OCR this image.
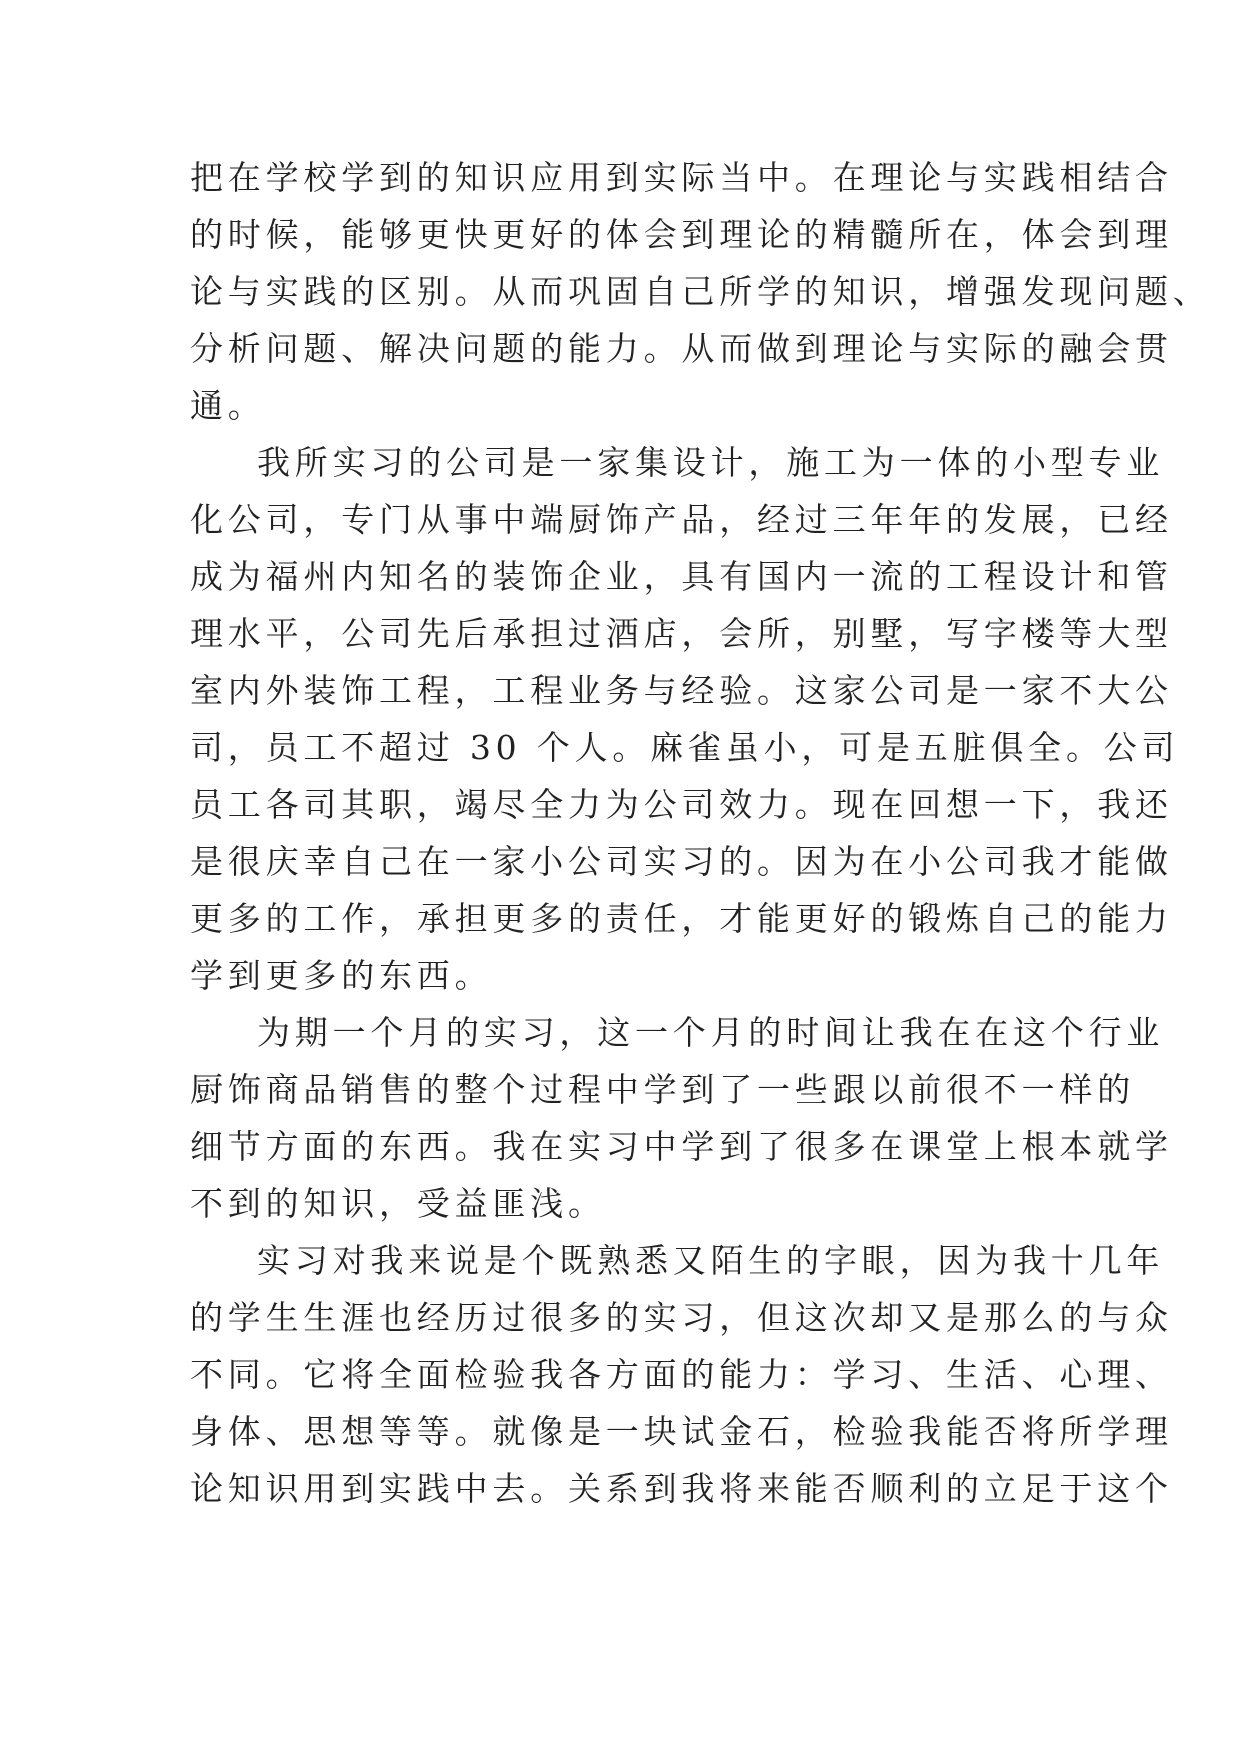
把在学校学到的知识应用到实际当中。在理论与实践相结合
的时候，能够更快更好的体会到理论的精髓所在，体会到理
论与实践的区别。从而巩固自己所学的知识，增强发现问题、
分析问题、解决问题的能力。从而做到理论与实际的融会贯
通。
我所实习的公司是一家集设计，施工为一体的小型专业
化公司，专门从事中端厨饰产品，经过三年年的发展，已经
成为福州内知名的装饰企业，具有国内一流的工程设计和管
理水平，公司先后承担过酒店，会所，别墅，写字楼等大型
室内外装饰工程，工程业务与经验。这家公司是一家不大公
司，员工不超过 30 个人。麻雀虽小，可是五脏俱全。公司
员工各司其职，竭尽全力为公司效力。现在回想一下，我还
是很庆幸自己在一家小公司实习的。因为在小公司我才能做
更多的工作，承担更多的责任，才能更好的锻炼自己的能力
学到更多的东西。
为期一个月的实习，这一个月的时间让我在在这个行业
厨饰商品销售的整个过程中学到了一些跟以前很不一样的
细节方面的东西。我在实习中学到了很多在课堂上根本就学
不到的知识，受益匪浅。
实习对我来说是个既熟悉又陌生的字眼，因为我十几年
的学生生涯也经历过很多的实习，但这次却又是那么的与众
不同。它将全面检验我各方面的能力：学习、生活、心理、
身体、思想等等。就像是一块试金石，检验我能否将所学理
论知识用到实践中去。关系到我将来能否顺利的立足于这个
